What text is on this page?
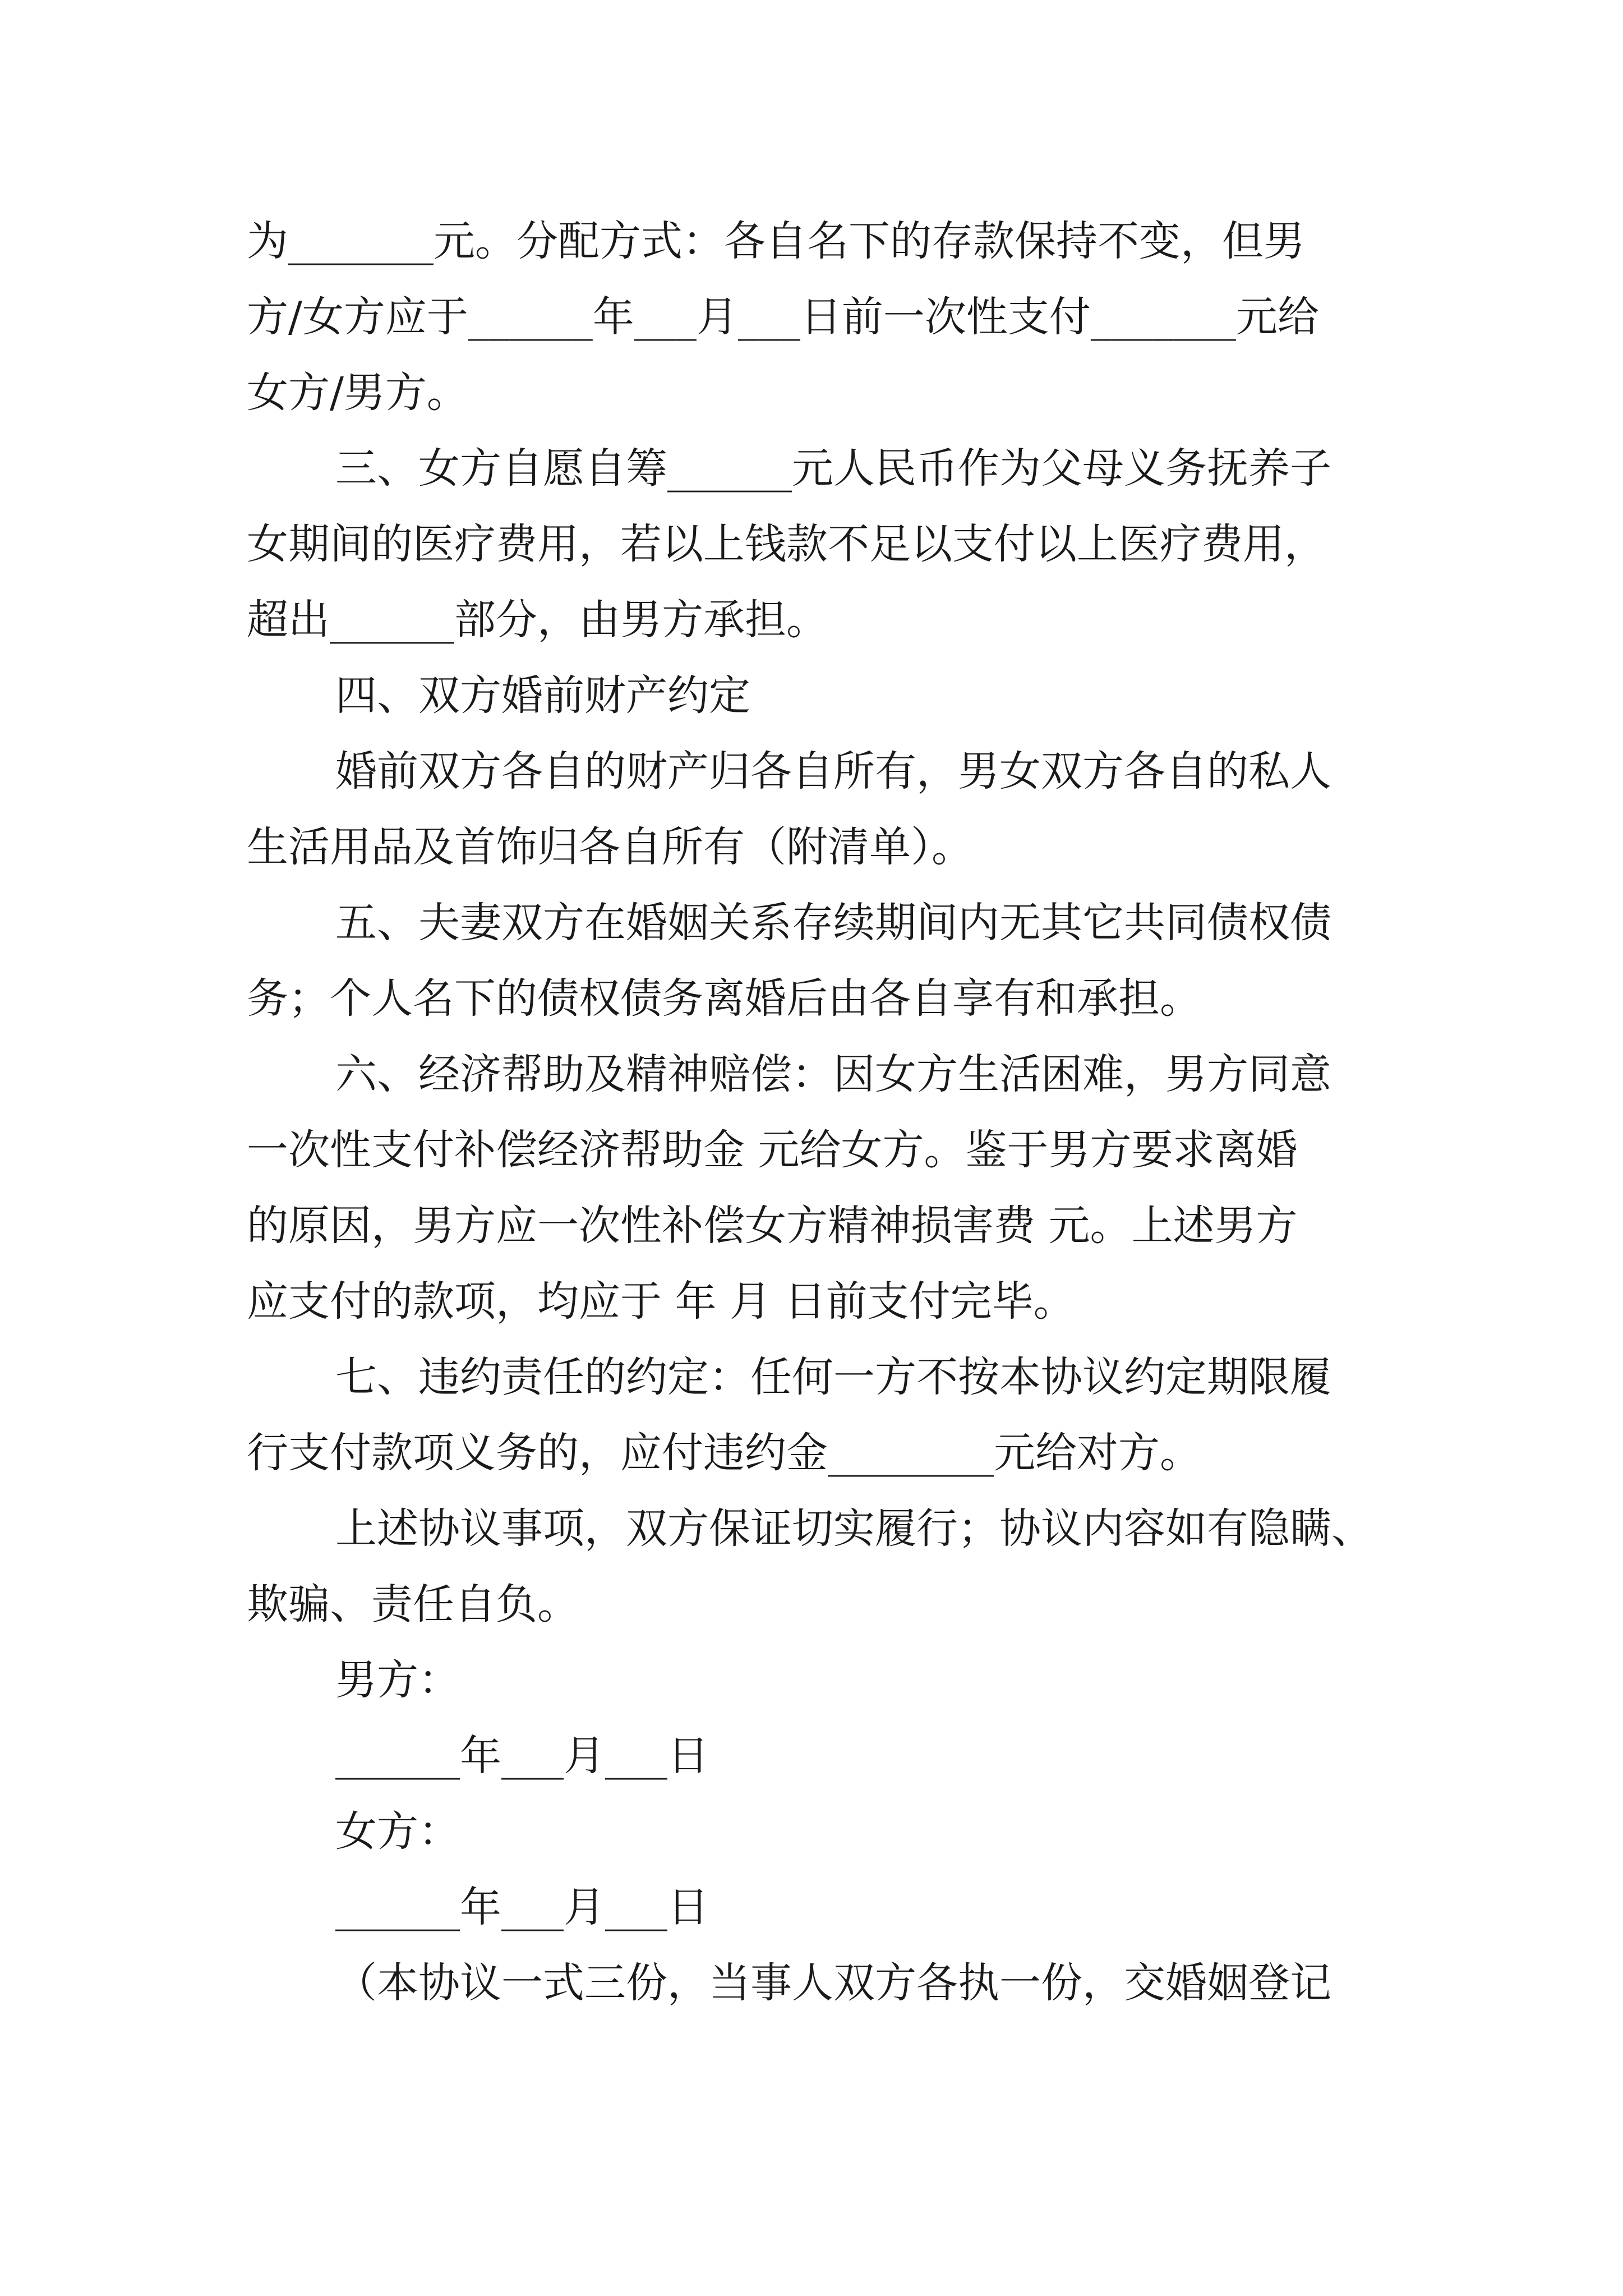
为_______元。分配方式：各自名下的存款保持不变，但男
方/女方应于______年___月___日前一次性支付_______元给
女方/男方。
三、女方自愿自筹______元人民币作为父母义务抚养子
女期间的医疗费用，若以上钱款不足以支付以上医疗费用，
超出______部分，由男方承担。
四、双方婚前财产约定
婚前双方各自的财产归各自所有，男女双方各自的私人
生活用品及首饰归各自所有（附清单）。
五、夫妻双方在婚姻关系存续期间内无其它共同债权债
务；个人名下的债权债务离婚后由各自享有和承担。
六、经济帮助及精神赔偿：因女方生活困难，男方同意
一次性支付补偿经济帮助金 元给女方。鉴于男方要求离婚
的原因，男方应一次性补偿女方精神损害费 元。上述男方
应支付的款项，均应于 年 月 日前支付完毕。
七、违约责任的约定：任何一方不按本协议约定期限履
行支付款项义务的，应付违约金________元给对方。
上述协议事项，双方保证切实履行；协议内容如有隐瞒、
欺骗、责任自负。
男方：
______年___月___日
女方：
______年___月___日
（本协议一式三份，当事人双方各执一份，交婚姻登记
